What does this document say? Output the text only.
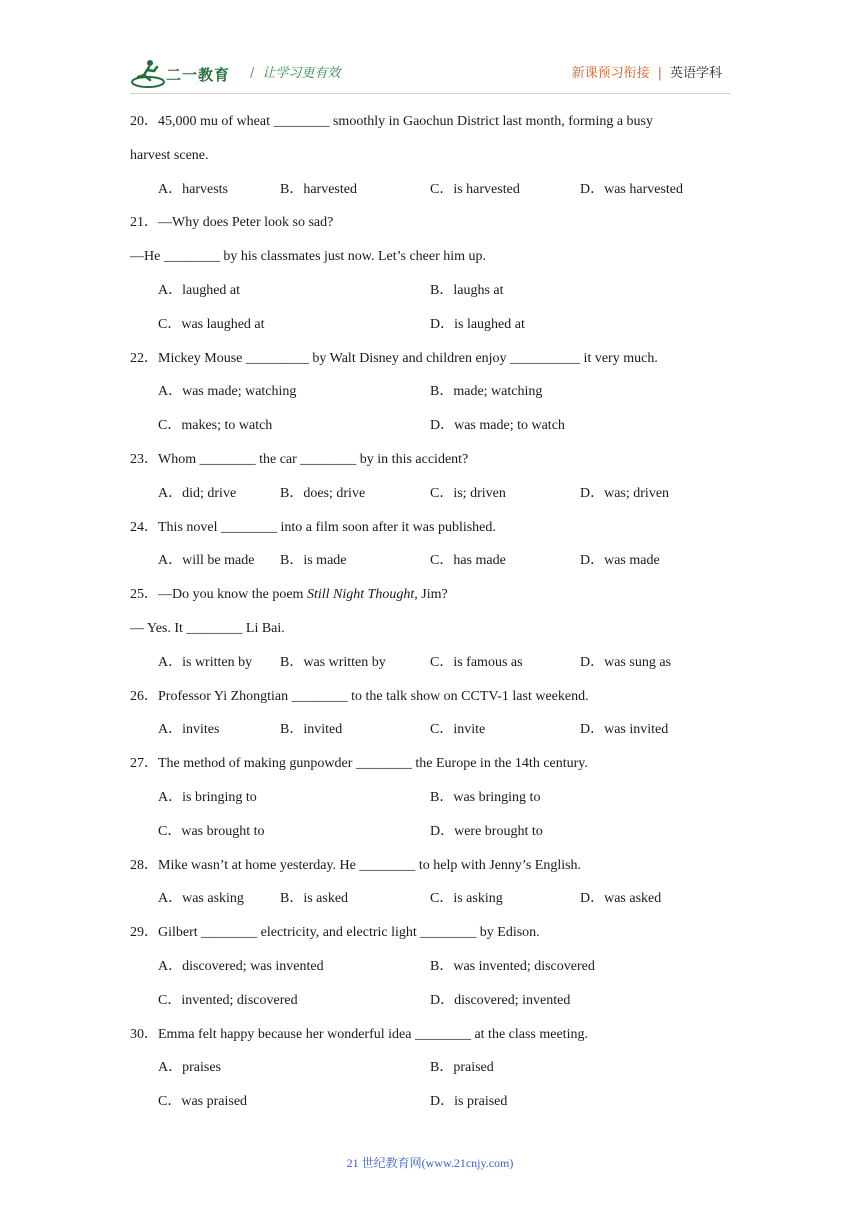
二一教育 / 让学习更有效	新课预习衔接 | 英语学科
20．45,000 mu of wheat ________ smoothly in Gaochun District last month, forming a busy
harvest scene.
A．harvests	B．harvested	C．is harvested	D．was harvested
21．—Why does Peter look so sad?
—He ________ by his classmates just now. Let’s cheer him up.
A．laughed at	B．laughs at
C．was laughed at	D．is laughed at
22．Mickey Mouse _________ by Walt Disney and children enjoy __________ it very much.
A．was made; watching	B．made; watching
C．makes; to watch	D．was made; to watch
23．Whom ________ the car ________ by in this accident?
A．did; drive	B．does; drive	C．is; driven	D．was; driven
24．This novel ________ into a film soon after it was published.
A．will be made B．is made	C．has made	D．was made
25．—Do you know the poem Still Night Thought, Jim?
— Yes. It ________ Li Bai.
A．is written by B．was written by	C．is famous as	D．was sung as
26．Professor Yi Zhongtian ________ to the talk show on CCTV-1 last weekend.
A．invites	B．invited	C．invite	D．was invited
27．The method of making gunpowder ________ the Europe in the 14th century.
A．is bringing to	B．was bringing to
C．was brought to	D．were brought to
28．Mike wasn’t at home yesterday. He ________ to help with Jenny’s English.
A．was asking	B．is asked	C．is asking	D．was asked
29．Gilbert ________ electricity, and electric light ________ by Edison.
A．discovered; was invented	B．was invented; discovered
C．invented; discovered	D．discovered; invented
30．Emma felt happy because her wonderful idea ________ at the class meeting.
A．praises	B．praised
C．was praised	D．is praised
21 世纪教育网(www.21cnjy.com)
